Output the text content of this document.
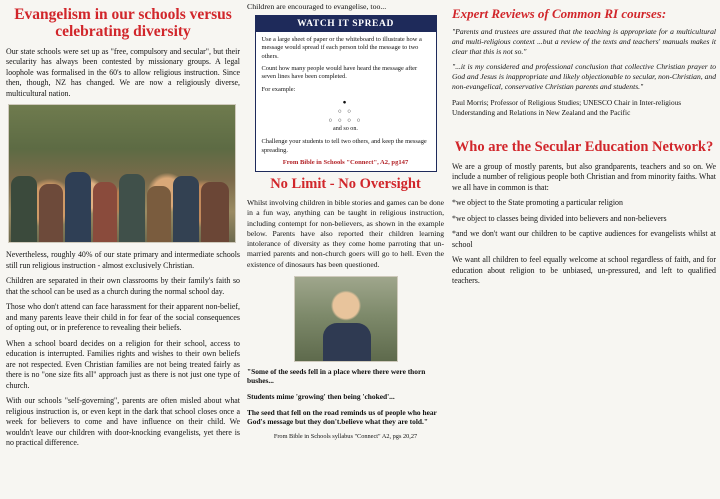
Evangelism in our schools versus celebrating diversity

Our state schools were set up as "free, compulsory and secular", but their secularity has always been contested by missionary groups. A legal loophole was formalised in the 60's to allow religious instruction. Since then, though, NZ has changed. We are now a religiously diverse, multicultural nation.

Nevertheless, roughly 40% of our state primary and intermediate schools still run religious instruction - almost exclusively Christian.

Children are separated in their own classrooms by their family's faith so that the school can be used as a church during the normal school day.

Those who don't attend can face harassment for their apparent non-belief, and many parents leave their child in for fear of the social consequences of opting out, or in preference to revealing their beliefs.

When a school board decides on a religion for their school, access to education is interrupted. Families rights and wishes to their own beliefs are not respected. Even Christian families are not being treated fairly as there is no "one size fits all" approach just as there is not just one type of church.

With our schools "self-governing", parents are often misled about what religious instruction is, or even kept in the dark that school closes once a week for believers to come and have influence on their child. We wouldn't leave our children with door-knocking evangelists, yet there is no practical difference.

Children are encouraged to evangelise, too...
WATCH IT SPREAD

Use a large sheet of paper or the whiteboard to illustrate how a message would spread if each person told the message to two others.

Count how many people would have heard the message after seven lines have been completed.

For example:

●
○ ○
○ ○ ○ ○
and so on.

Challenge your students to tell two others, and keep the message spreading.

From Bible in Schools "Connect", A2, pg147
No Limit - No Oversight

Whilst involving children in bible stories and games can be done in a fun way, anything can be taught in religious instruction, including contempt for non-believers, as shown in the example below. Parents have also reported their children learning intolerance of diversity as they come home parroting that un-married parents and non-church goers will go to hell. Even the existence of dinosaurs has been questioned.

"Some of the seeds fell in a place where there were thorn bushes...

Students mime 'growing' then being 'choked'...

The seed that fell on the road reminds us of people who hear God's message but they don't.believe what they are told."

From Bible in Schools syllabus "Connect" A2, pgs 20,27
Expert Reviews of Common RI courses:

"Parents and trustees are assured that the teaching is appropriate for a multicultural and multi-religious context ...but a review of the texts and teachers' manuals makes it clear that this is not so."

"...it is my considered and professional conclusion that collective Christian prayer to God and Jesus is inappropriate and likely objectionable to secular, non-Christian, and non-evangelical, conservative Christian parents and students."

Paul Morris; Professor of Religious Studies; UNESCO Chair in Inter-religious Understanding and Relations in New Zealand and the Pacific
Who are the Secular Education Network?

We are a group of mostly parents, but also grandparents, teachers and so on. We include a number of religious people both Christian and from minority faiths. What we all have in common is that:

*we object to the State promoting a particular religion

*we object to classes being divided into believers and non-believers

*and we don't want our children to be captive audiences for evangelists whilst at school

We want all children to feel equally welcome at school regardless of faith, and for education about religion to be unbiased, un-pressured, and left to qualified teachers.
